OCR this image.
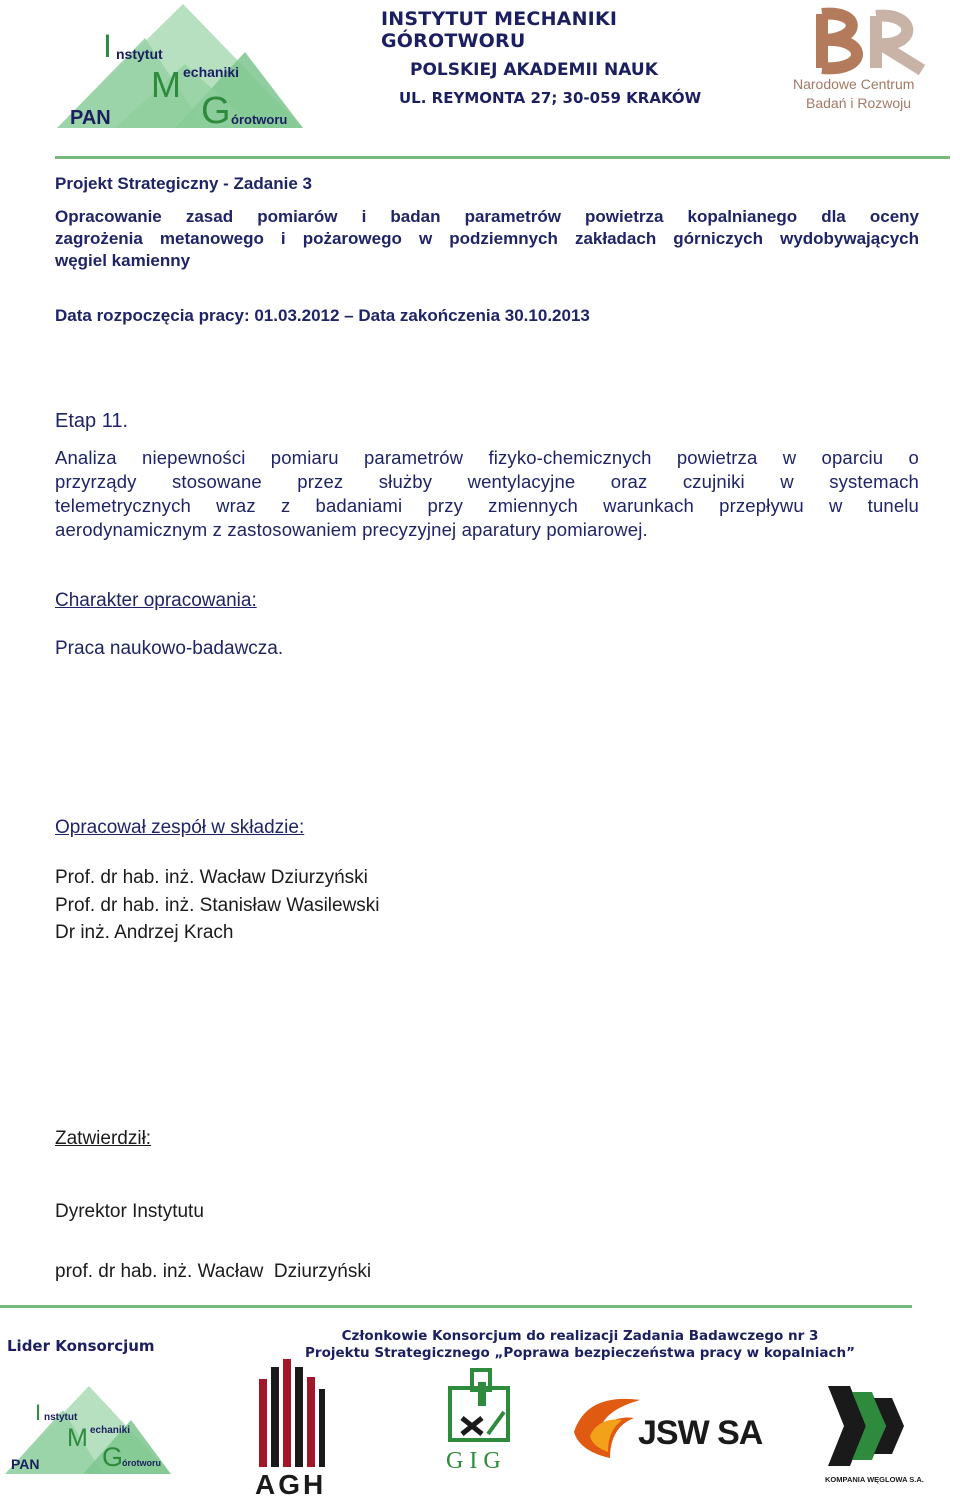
I nstytut
M echaniki
G órotworu
PAN
INSTYTUT MECHANIKI GÓROTWORU
POLSKIEJ AKADEMII NAUK
UL. REYMONTA 27; 30-059 KRAKÓW
Narodowe Centrum
Badań i Rozwoju
Projekt Strategiczny - Zadanie 3
Opracowanie zasad pomiarów i badan parametrów powietrza kopalnianego dla oceny
zagrożenia metanowego i pożarowego w podziemnych zakładach górniczych wydobywających
węgiel kamienny
Data rozpoczęcia pracy: 01.03.2012 – Data zakończenia 30.10.2013
Etap 11.
Analiza niepewności pomiaru parametrów fizyko-chemicznych powietrza w oparciu o
przyrządy stosowane przez służby wentylacyjne oraz czujniki w systemach
telemetrycznych wraz z badaniami przy zmiennych warunkach przepływu w tunelu
aerodynamicznym z zastosowaniem precyzyjnej aparatury pomiarowej.
Charakter opracowania:
Praca naukowo-badawcza.
Opracował zespół w składzie:
Prof. dr hab. inż. Wacław Dziurzyński
Prof. dr hab. inż. Stanisław Wasilewski
Dr inż. Andrzej Krach
Zatwierdził:
Dyrektor Instytutu
prof. dr hab. inż. Wacław  Dziurzyński
Lider Konsorcjum
Członkowie Konsorcjum do realizacji Zadania Badawczego nr 3
Projektu Strategicznego „Poprawa bezpieczeństwa pracy w kopalniach”
I nstytut
M echaniki
G
órotworu
PAN
AGH
G I G
JSW SA
KOMPANIA WĘGLOWA S.A.
